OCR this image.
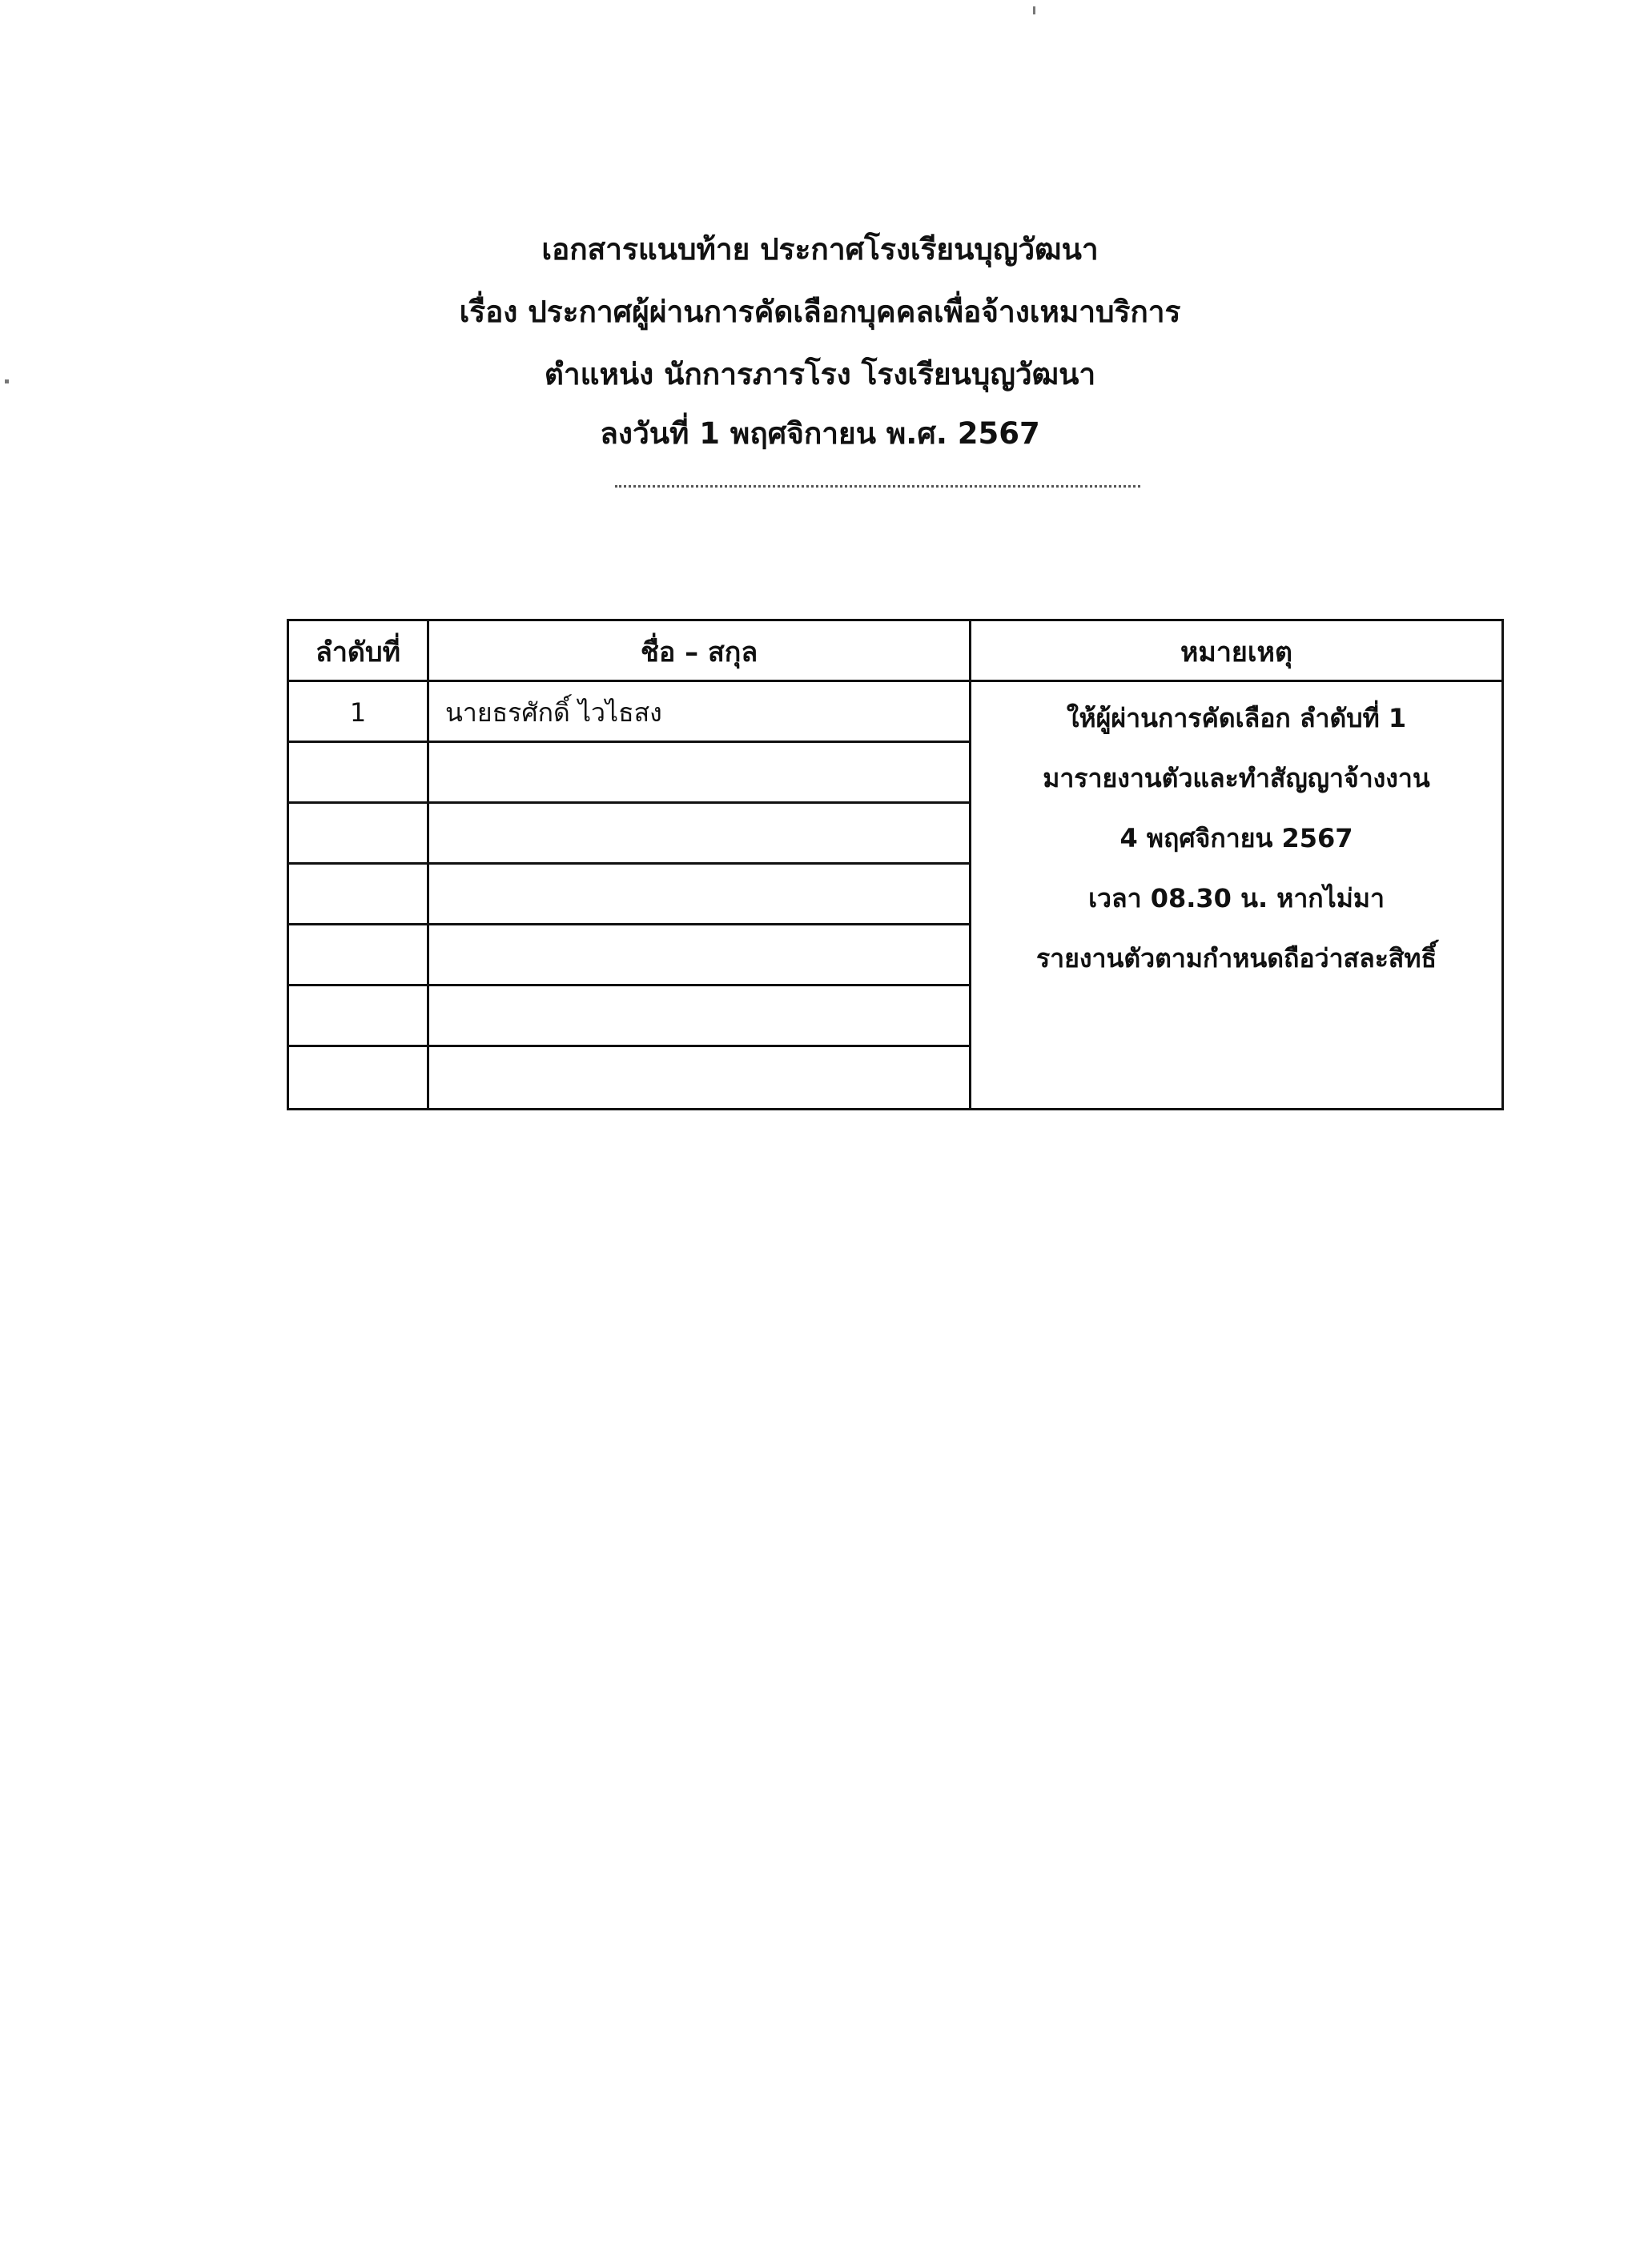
เอกสารแนบท้าย ประกาศโรงเรียนบุญวัฒนา
เรื่อง ประกาศผู้ผ่านการคัดเลือกบุคคลเพื่อจ้างเหมาบริการ
ตำแหน่ง นักการภารโรง โรงเรียนบุญวัฒนา
ลงวันที่ 1 พฤศจิกายน พ.ศ. 2567
ลำดับที่	ชื่อ – สกุล	หมายเหตุ
1	นายธรศักดิ์ ไวไธสง	ให้ผู้ผ่านการคัดเลือก ลำดับที่ 1
มารายงานตัวและทำสัญญาจ้างงาน
4 พฤศจิกายน 2567
เวลา 08.30 น. หากไม่มา
รายงานตัวตามกำหนดถือว่าสละสิทธิ์
